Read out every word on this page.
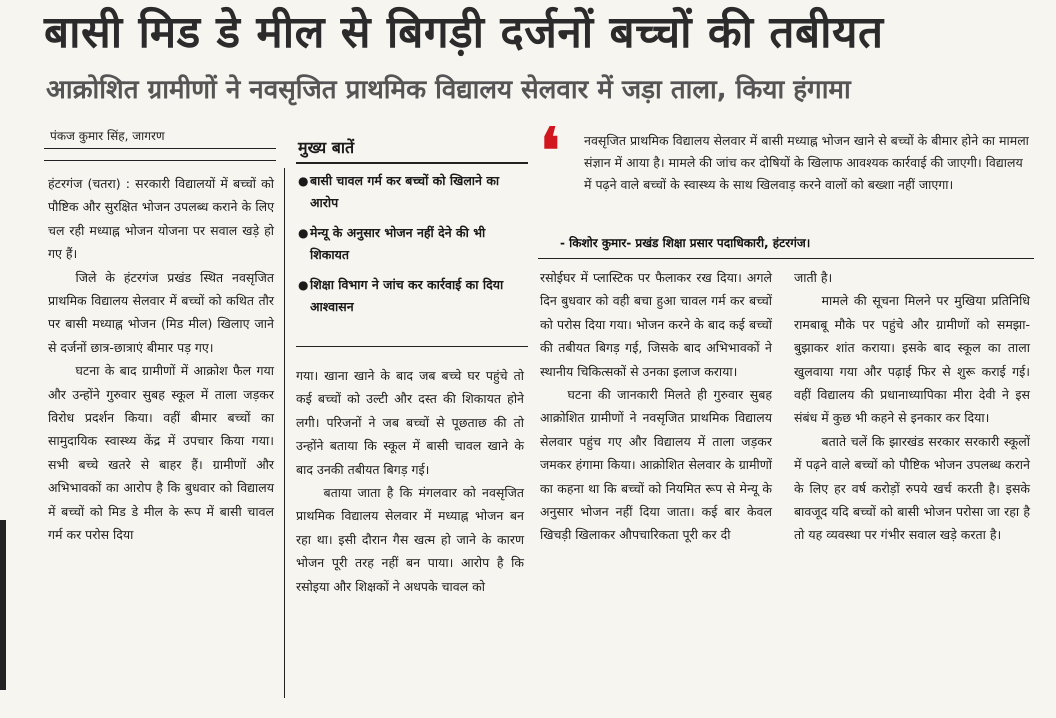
बासी मिड डे मील से बिगड़ी दर्जनों बच्चों की तबीयत
आक्रोशित ग्रामीणों ने नवसृजित प्राथमिक विद्यालय सेलवार में जड़ा ताला, किया हंगामा
पंकज कुमार सिंह, जागरण
मुख्य बातें
● बासी चावल गर्म कर बच्चों को खिलाने का आरोप
● मेन्यू के अनुसार भोजन नहीं देने की भी शिकायत
● शिक्षा विभाग ने जांच कर कार्रवाई का दिया आश्वासन
❛ नवसृजित प्राथमिक विद्यालय सेलवार में बासी मध्याह्न भोजन खाने से बच्चों के बीमार होने का मामला संज्ञान में आया है। मामले की जांच कर दोषियों के खिलाफ आवश्यक कार्रवाई की जाएगी। विद्यालय में पढ़ने वाले बच्चों के स्वास्थ्य के साथ खिलवाड़ करने वालों को बख्शा नहीं जाएगा।
- किशोर कुमार- प्रखंड शिक्षा प्रसार पदाधिकारी, हंटरगंज।

हंटरगंज (चतरा) : सरकारी विद्यालयों में बच्चों को पौष्टिक और सुरक्षित भोजन उपलब्ध कराने के लिए चल रही मध्याह्न भोजन योजना पर सवाल खड़े हो गए हैं।

जिले के हंटरगंज प्रखंड स्थित नवसृजित प्राथमिक विद्यालय सेलवार में बच्चों को कथित तौर पर बासी मध्याह्न भोजन (मिड मील) खिलाए जाने से दर्जनों छात्र-छात्राएं बीमार पड़ गए।

घटना के बाद ग्रामीणों में आक्रोश फैल गया और उन्होंने गुरुवार सुबह स्कूल में ताला जड़कर विरोध प्रदर्शन किया। वहीं बीमार बच्चों का सामुदायिक स्वास्थ्य केंद्र में उपचार किया गया। सभी बच्चे खतरे से बाहर हैं। ग्रामीणों और अभिभावकों का आरोप है कि बुधवार को विद्यालय में बच्चों को मिड डे मील के रूप में बासी चावल गर्म कर परोस दिया

गया। खाना खाने के बाद जब बच्चे घर पहुंचे तो कई बच्चों को उल्टी और दस्त की शिकायत होने लगी। परिजनों ने जब बच्चों से पूछताछ की तो उन्होंने बताया कि स्कूल में बासी चावल खाने के बाद उनकी तबीयत बिगड़ गई।

बताया जाता है कि मंगलवार को नवसृजित प्राथमिक विद्यालय सेलवार में मध्याह्न भोजन बन रहा था। इसी दौरान गैस खत्म हो जाने के कारण भोजन पूरी तरह नहीं बन पाया। आरोप है कि रसोइया और शिक्षकों ने अधपके चावल को

रसोईघर में प्लास्टिक पर फैलाकर रख दिया। अगले दिन बुधवार को वही बचा हुआ चावल गर्म कर बच्चों को परोस दिया गया। भोजन करने के बाद कई बच्चों की तबीयत बिगड़ गई, जिसके बाद अभिभावकों ने स्थानीय चिकित्सकों से उनका इलाज कराया।

घटना की जानकारी मिलते ही गुरुवार सुबह आक्रोशित ग्रामीणों ने नवसृजित प्राथमिक विद्यालय सेलवार पहुंच गए और विद्यालय में ताला जड़कर जमकर हंगामा किया। आक्रोशित सेलवार के ग्रामीणों का कहना था कि बच्चों को नियमित रूप से मेन्यू के अनुसार भोजन नहीं दिया जाता। कई बार केवल खिचड़ी खिलाकर औपचारिकता पूरी कर दी

जाती है।

मामले की सूचना मिलने पर मुखिया प्रतिनिधि रामबाबू मौके पर पहुंचे और ग्रामीणों को समझा-बुझाकर शांत कराया। इसके बाद स्कूल का ताला खुलवाया गया और पढ़ाई फिर से शुरू कराई गई। वहीं विद्यालय की प्रधानाध्यापिका मीरा देवी ने इस संबंध में कुछ भी कहने से इनकार कर दिया।

बताते चलें कि झारखंड सरकार सरकारी स्कूलों में पढ़ने वाले बच्चों को पौष्टिक भोजन उपलब्ध कराने के लिए हर वर्ष करोड़ों रुपये खर्च करती है। इसके बावजूद यदि बच्चों को बासी भोजन परोसा जा रहा है तो यह व्यवस्था पर गंभीर सवाल खड़े करता है।
